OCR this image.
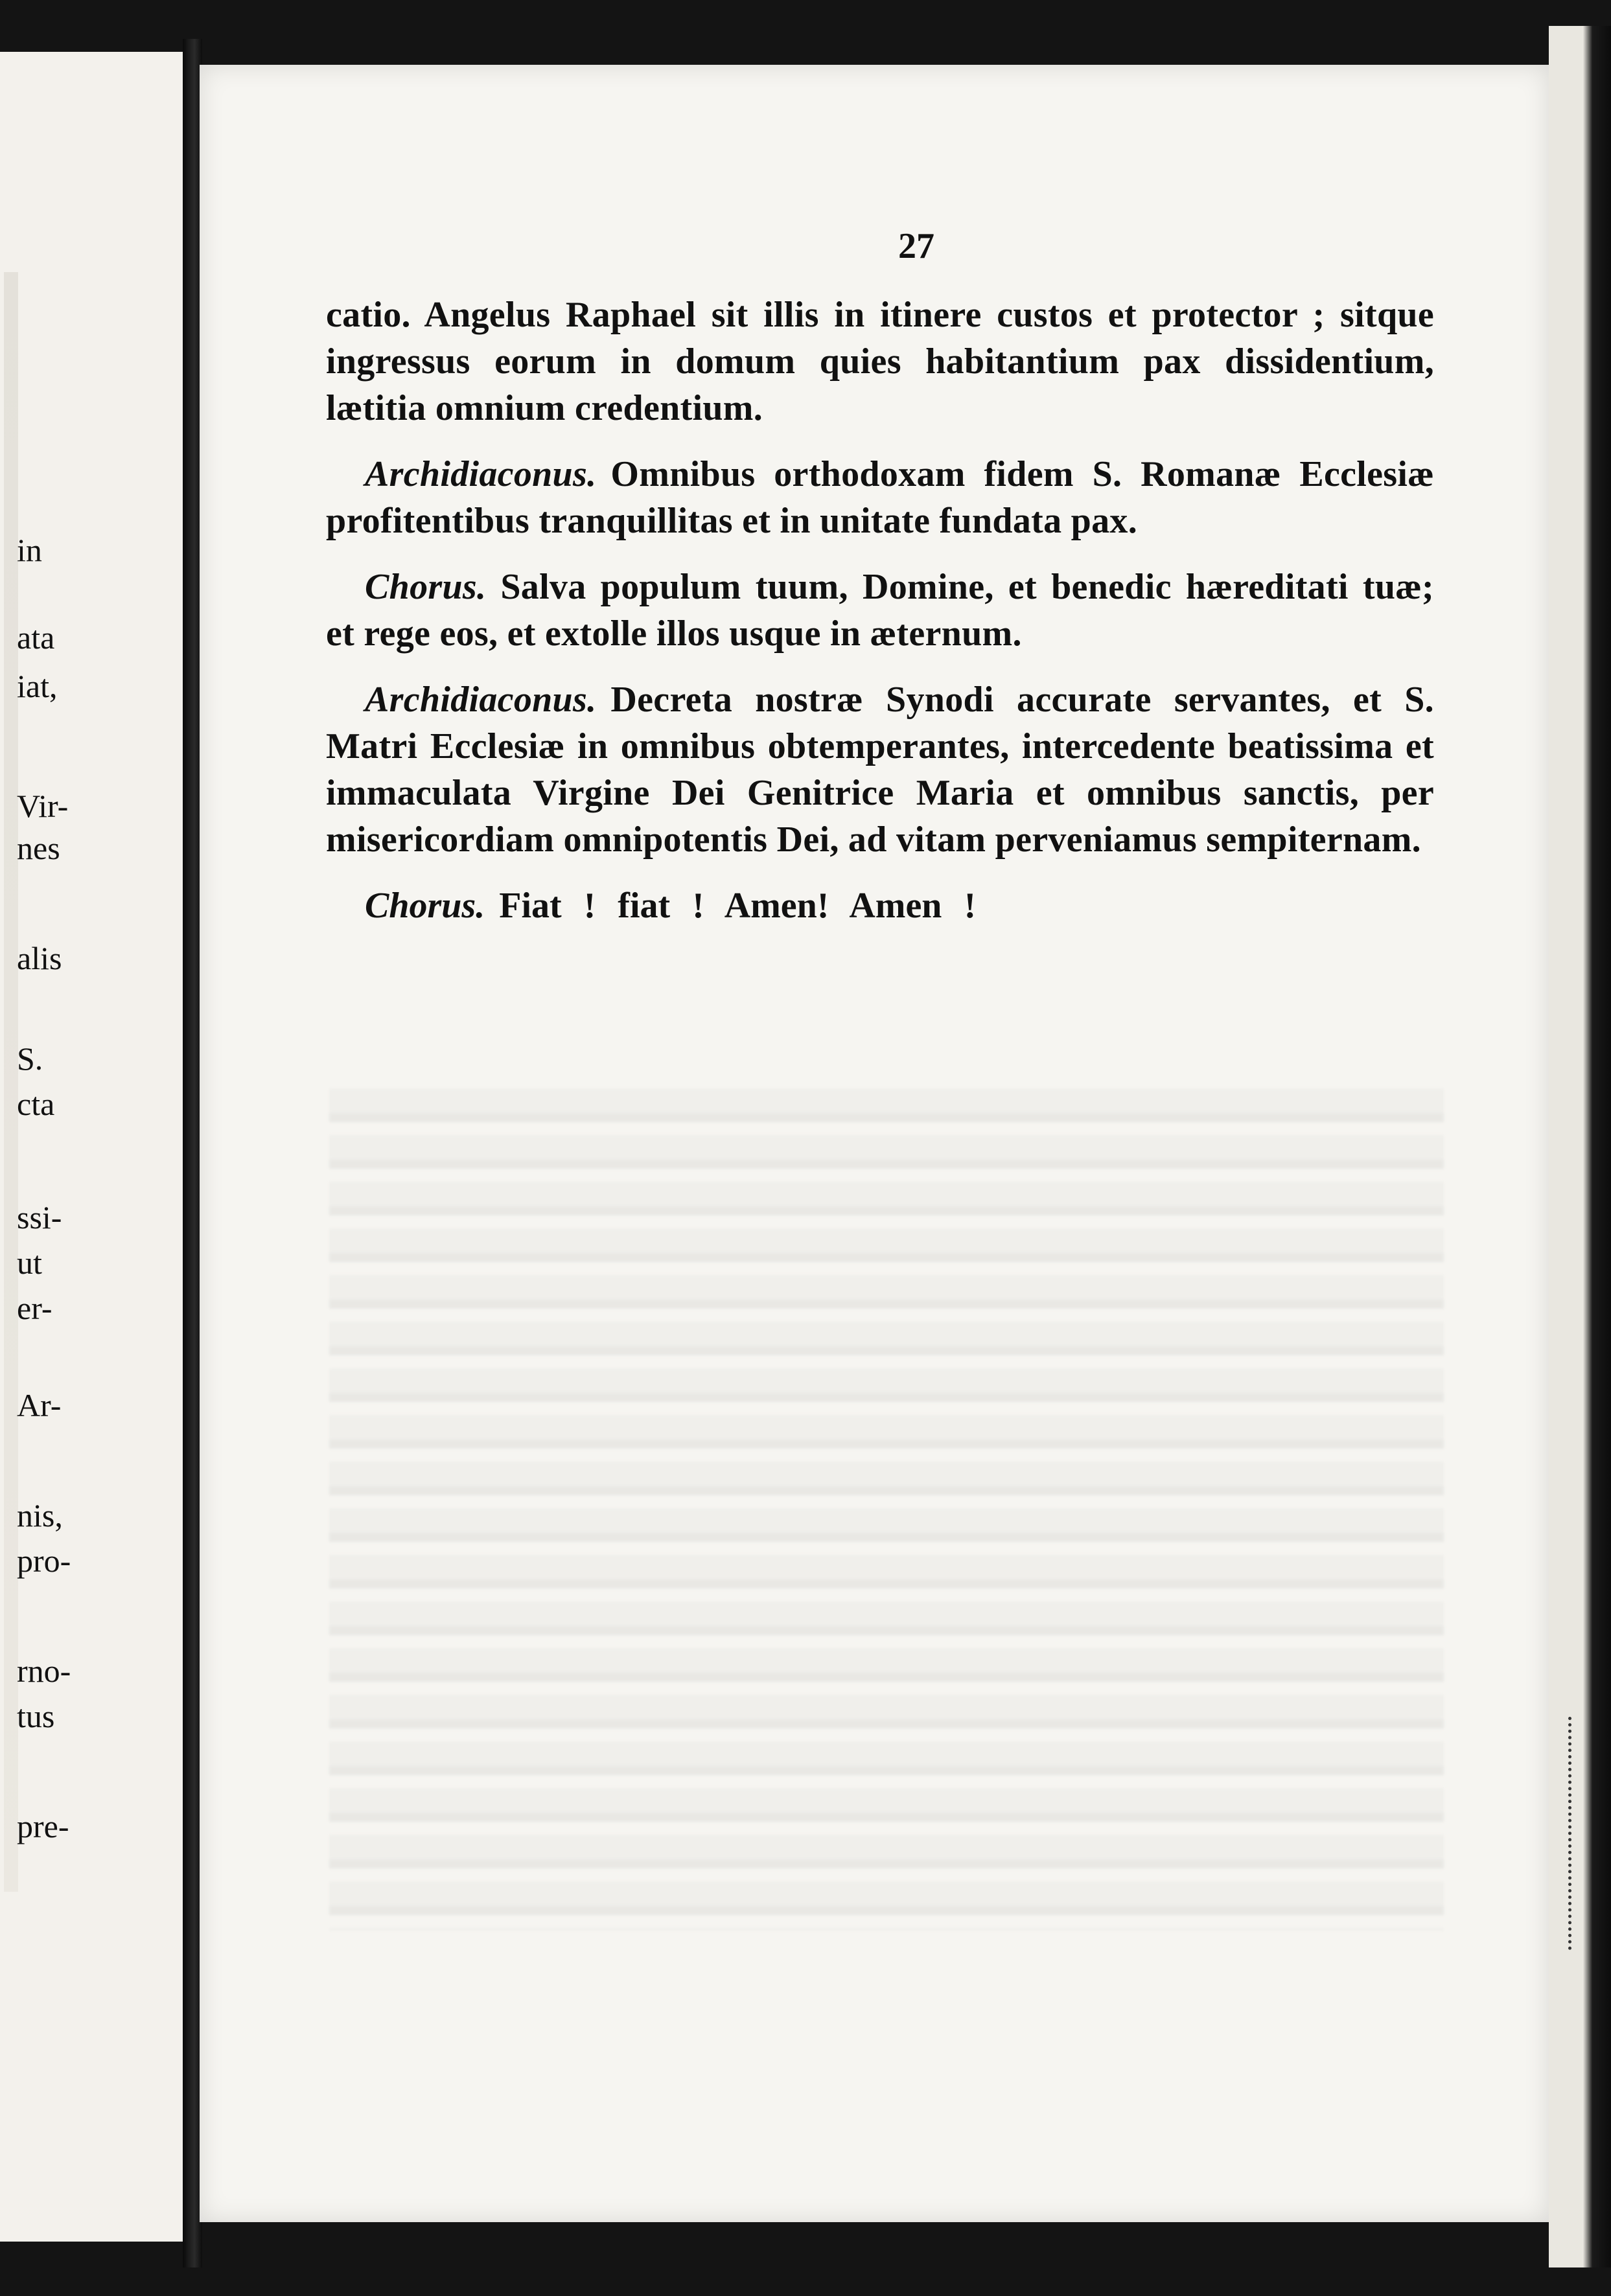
in

ata

iat,

Vir-

nes

alis

S.

cta

ssi-

ut

er-

Ar-

nis,

pro-

rno-

tus

pre-

27

catio. Angelus Raphael sit illis in itinere custos et protector ; sitque ingressus eorum in domum quies habitantium pax dissidentium, lætitia omnium credentium.

Archidiaconus. Omnibus orthodoxam fidem S. Romanæ Ecclesiæ profitentibus tranquillitas et in unitate fundata pax.

Chorus. Salva populum tuum, Domine, et benedic hæreditati tuæ; et rege eos, et extolle illos usque in æternum.

Archidiaconus. Decreta nostræ Synodi accurate servantes, et S. Matri Ecclesiæ in omnibus obtemperantes, intercedente beatissima et immaculata Virgine Dei Genitrice Maria et omnibus sanctis, per misericordiam omnipotentis Dei, ad vitam perveniamus sempiternam.

Chorus. Fiat ! fiat ! Amen! Amen !
